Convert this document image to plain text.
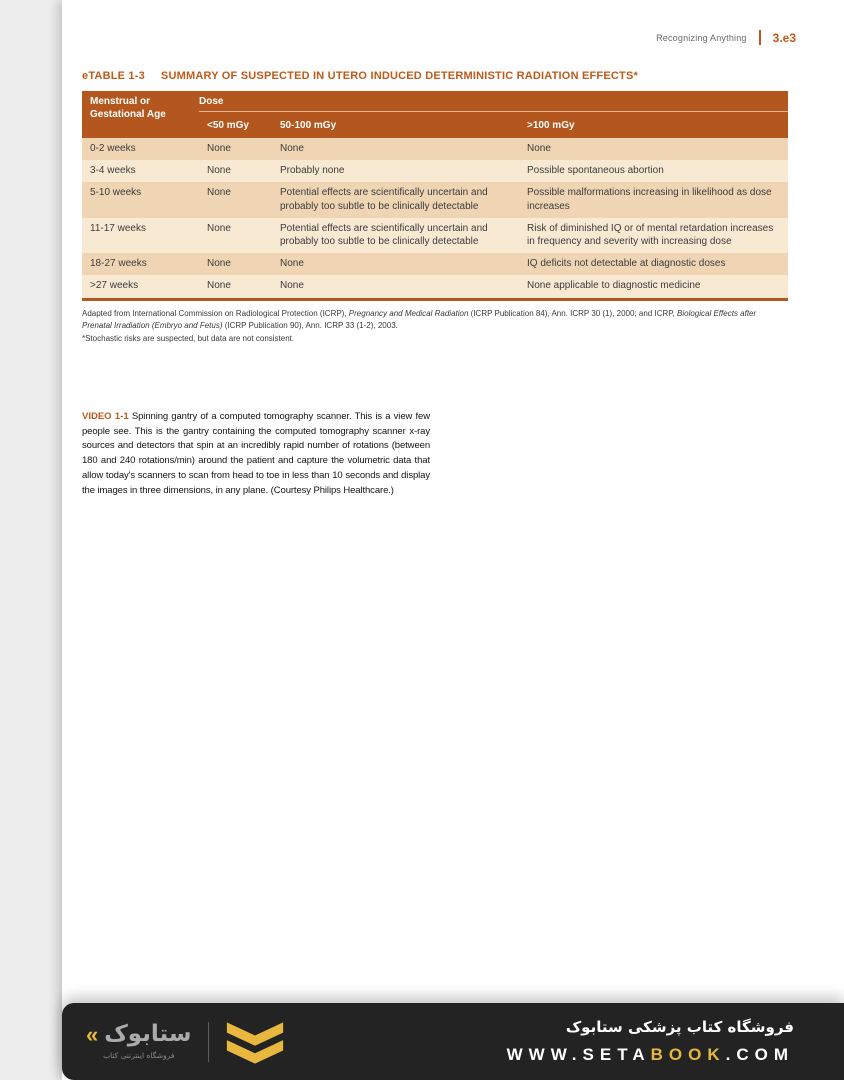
Recognizing Anything 3.e3
eTABLE 1-3 SUMMARY OF SUSPECTED IN UTERO INDUCED DETERMINISTIC RADIATION EFFECTS*
Menstrual or Gestational Age	Dose		
	<50 mGy	50-100 mGy	>100 mGy
0-2 weeks	None	None	None
3-4 weeks	None	Probably none	Possible spontaneous abortion
5-10 weeks	None	Potential effects are scientifically uncertain and probably too subtle to be clinically detectable	Possible malformations increasing in likelihood as dose increases
11-17 weeks	None	Potential effects are scientifically uncertain and probably too subtle to be clinically detectable	Risk of diminished IQ or of mental retardation increases in frequency and severity with increasing dose
18-27 weeks	None	None	IQ deficits not detectable at diagnostic doses
>27 weeks	None	None	None applicable to diagnostic medicine
Adapted from International Commission on Radiological Protection (ICRP), Pregnancy and Medical Radiation (ICRP Publication 84), Ann. ICRP 30 (1), 2000; and ICRP, Biological Effects after Prenatal Irradiation (Embryo and Fetus) (ICRP Publication 90), Ann. ICRP 33 (1-2), 2003.
*Stochastic risks are suspected, but data are not consistent.
VIDEO 1-1 Spinning gantry of a computed tomography scanner. This is a view few people see. This is the gantry containing the computed tomography scanner x-ray sources and detectors that spin at an incredibly rapid number of rotations (between 180 and 240 rotations/min) around the patient and capture the volumetric data that allow today's scanners to scan from head to toe in less than 10 seconds and display the images in three dimensions, in any plane. (Courtesy Philips Healthcare.)
« ستابوک
فروشگاه اینترنتی کتاب
فروشگاه کتاب پزشکی ستابوک
WWW.SETABOOK.COM
